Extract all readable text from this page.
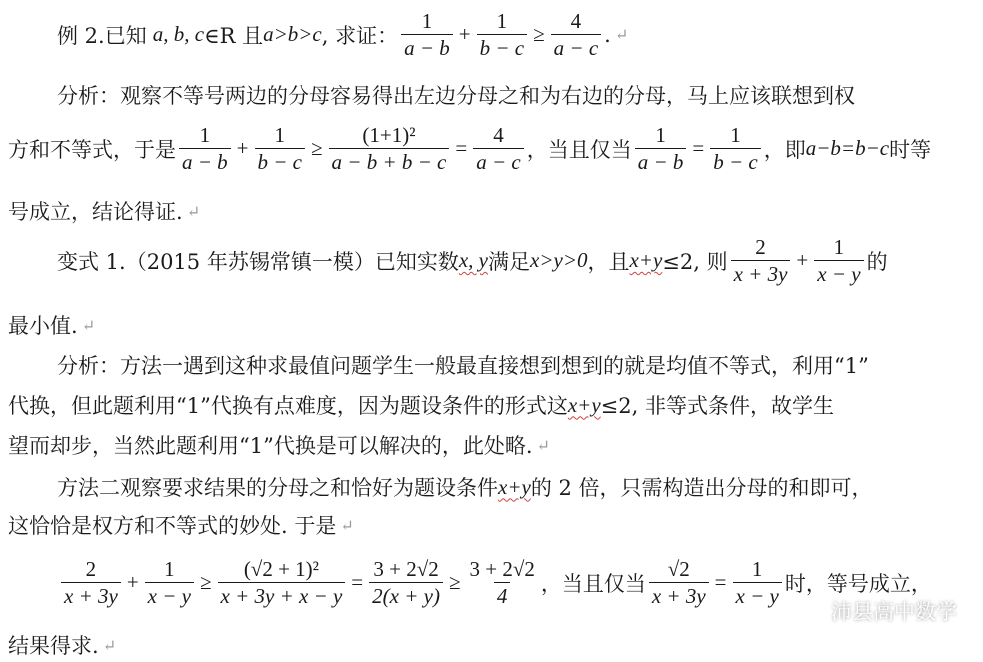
例 2.已知 a, b, c ∈R 且 a>b>c , 求证： $\frac{1}{a - b} + \frac{1}{b - c} \ge \frac{4}{a - c}$ . ↵
分析：观察不等号两边的分母容易得出左边分母之和为右边的分母，马上应该联想到权
方和不等式，于是 $\frac{1}{a - b} + \frac{1}{b - c} \ge \frac{\text{(1+1)²}}{a - b + b - c} = \frac{4}{a - c}$ ，当且仅当 $\frac{1}{a - b} = \frac{1}{b - c}$ ，即 a−b=b−c 时等
号成立，结论得证. ↵
变式 1.（2015 年苏锡常镇一模）已知实数 x, y 满足 x>y>0 ，且 x+y ≤2, 则 $\frac{2}{x + 3y} + \frac{1}{x - y}$ 的
最小值. ↵
分析：方法一遇到这种求最值问题学生一般最直接想到想到的就是均值不等式，利用“1”
代换，但此题利用“1”代换有点难度，因为题设条件的形式这 x+y ≤2, 非等式条件，故学生
望而却步，当然此题利用“1”代换是可以解决的，此处略. ↵
方法二观察要求结果的分母之和恰好为题设条件 x+y 的 2 倍，只需构造出分母的和即可，
这恰恰是权方和不等式的妙处. 于是 ↵
$\frac{2}{x + 3y} + \frac{1}{x - y} \ge \frac{\text{(√2 + 1)²}}{x + 3y + x - y} = \frac{3 + 2√2}{2(x + y)} \ge \frac{3 + 2√2}{4}$ ，当且仅当 $\frac{√2}{x + 3y} = \frac{1}{x - y}$ 时，等号成立，
结果得求. ↵
沛县高中数学
